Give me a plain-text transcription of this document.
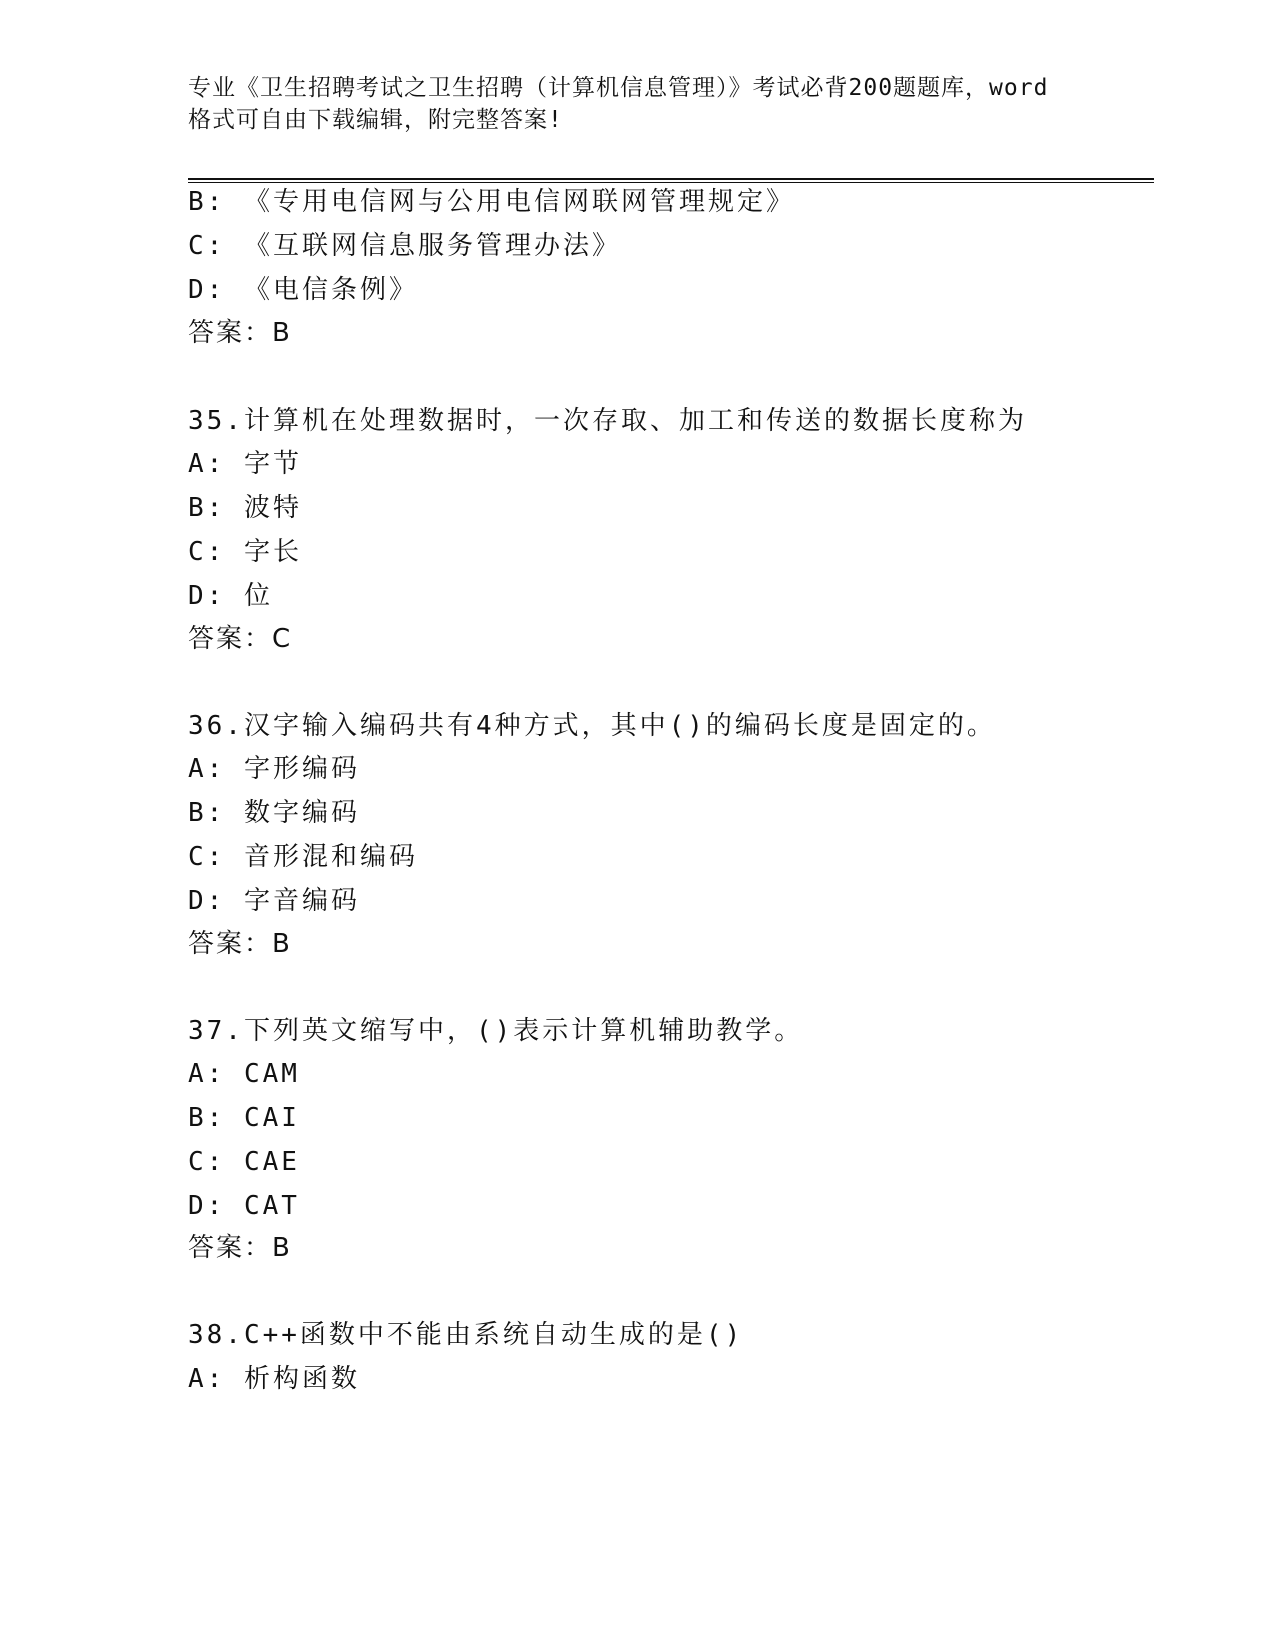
专业《卫生招聘考试之卫生招聘（计算机信息管理）》考试必背200题题库，word
格式可自由下载编辑，附完整答案!
B: 《专用电信网与公用电信网联网管理规定》
C: 《互联网信息服务管理办法》
D: 《电信条例》
答案：B
35.计算机在处理数据时，一次存取、加工和传送的数据长度称为
A: 字节
B: 波特
C: 字长
D: 位
答案：C
36.汉字输入编码共有4种方式，其中()的编码长度是固定的。
A: 字形编码
B: 数字编码
C: 音形混和编码
D: 字音编码
答案：B
37.下列英文缩写中，()表示计算机辅助教学。
A: CAM
B: CAI
C: CAE
D: CAT
答案：B
38.C++函数中不能由系统自动生成的是()
A: 析构函数
